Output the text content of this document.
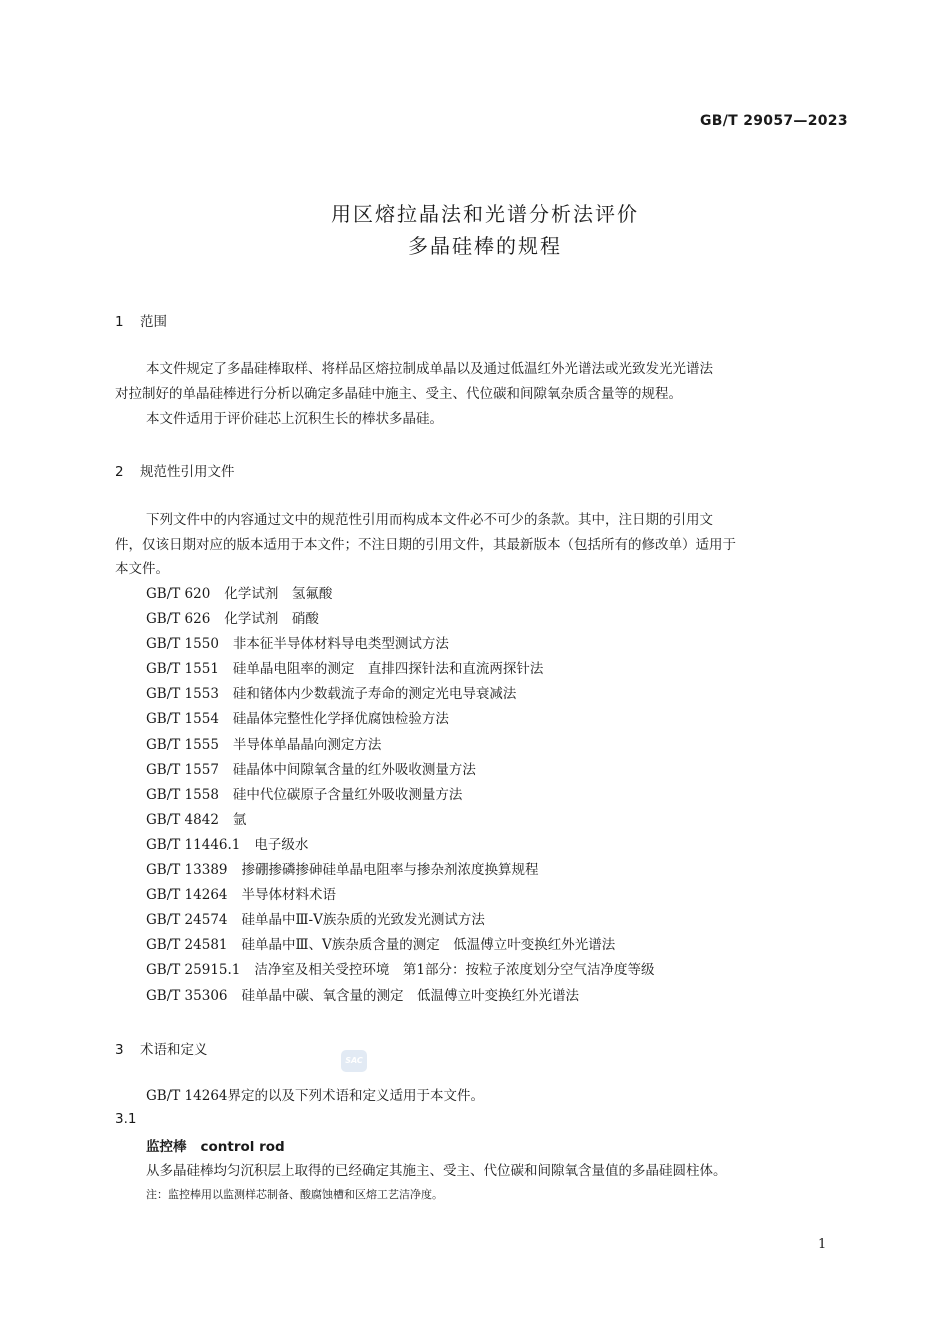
GB/T 29057—2023
用区熔拉晶法和光谱分析法评价
多晶硅棒的规程
1 范围
本文件规定了多晶硅棒取样、将样品区熔拉制成单晶以及通过低温红外光谱法或光致发光光谱法
对拉制好的单晶硅棒进行分析以确定多晶硅中施主、受主、代位碳和间隙氧杂质含量等的规程。
本文件适用于评价硅芯上沉积生长的棒状多晶硅。
2 规范性引用文件
下列文件中的内容通过文中的规范性引用而构成本文件必不可少的条款。其中，注日期的引用文
件，仅该日期对应的版本适用于本文件；不注日期的引用文件，其最新版本（包括所有的修改单）适用于
本文件。
GB/T 620 化学试剂　氢氟酸
GB/T 626 化学试剂　硝酸
GB/T 1550 非本征半导体材料导电类型测试方法
GB/T 1551 硅单晶电阻率的测定　直排四探针法和直流两探针法
GB/T 1553 硅和锗体内少数载流子寿命的测定光电导衰减法
GB/T 1554 硅晶体完整性化学择优腐蚀检验方法
GB/T 1555 半导体单晶晶向测定方法
GB/T 1557 硅晶体中间隙氧含量的红外吸收测量方法
GB/T 1558 硅中代位碳原子含量红外吸收测量方法
GB/T 4842 氩
GB/T 11446.1 电子级水
GB/T 13389 掺硼掺磷掺砷硅单晶电阻率与掺杂剂浓度换算规程
GB/T 14264 半导体材料术语
GB/T 24574 硅单晶中Ⅲ-Ⅴ族杂质的光致发光测试方法
GB/T 24581 硅单晶中Ⅲ、Ⅴ族杂质含量的测定　低温傅立叶变换红外光谱法
GB/T 25915.1 洁净室及相关受控环境　第1部分：按粒子浓度划分空气洁净度等级
GB/T 35306 硅单晶中碳、氧含量的测定　低温傅立叶变换红外光谱法
3 术语和定义
SAC
GB/T 14264界定的以及下列术语和定义适用于本文件。
3.1
监控棒 control rod
从多晶硅棒均匀沉积层上取得的已经确定其施主、受主、代位碳和间隙氧含量值的多晶硅圆柱体。
注：监控棒用以监测样芯制备、酸腐蚀槽和区熔工艺洁净度。
1
